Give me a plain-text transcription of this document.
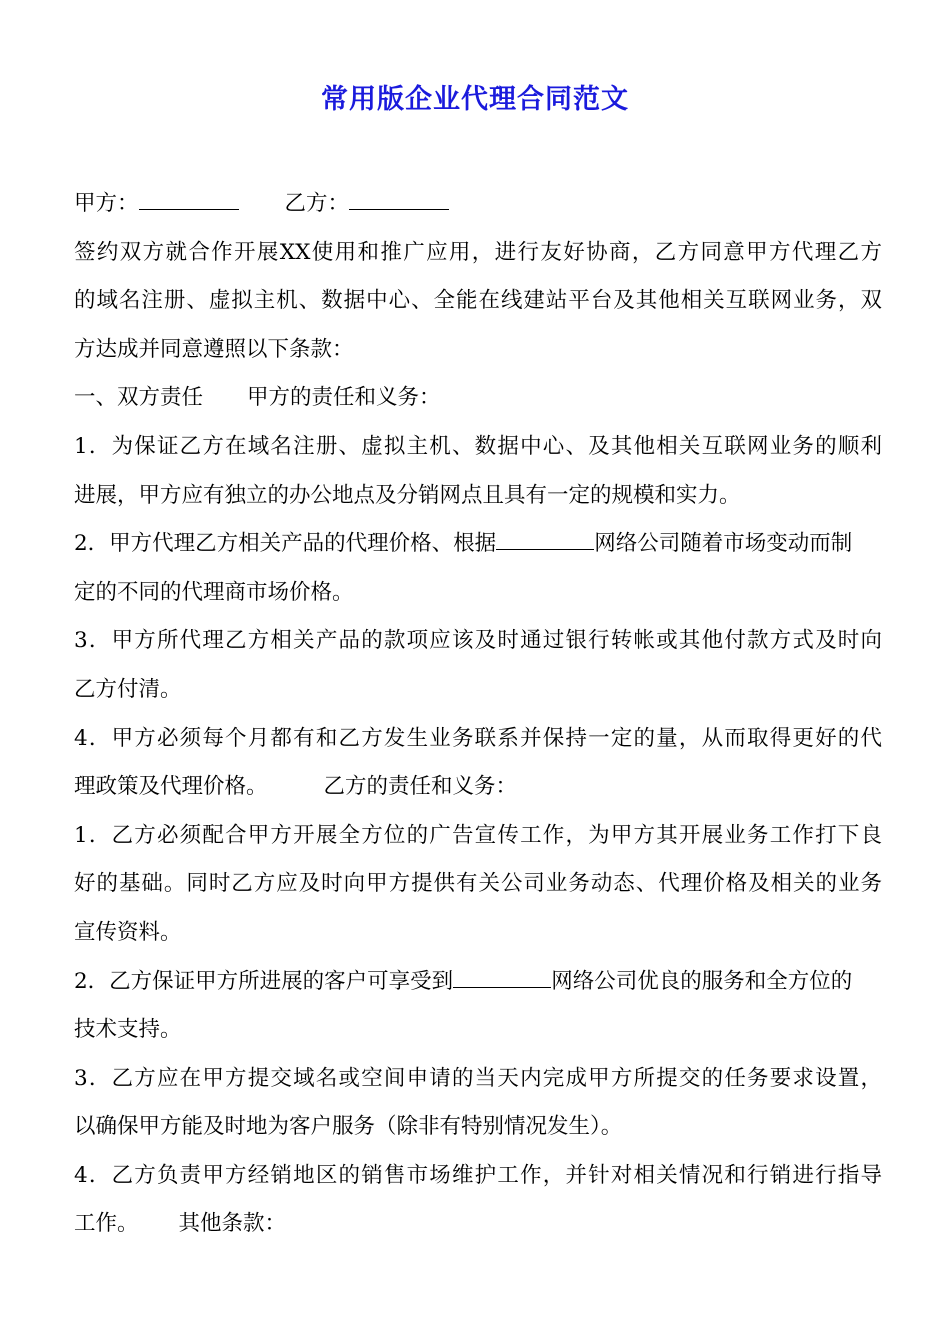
常用版企业代理合同范文
甲方：	乙方：
签约双方就合作开展XX使用和推广应用，进行友好协商，乙方同意甲方代理乙方
的域名注册、虚拟主机、数据中心、全能在线建站平台及其他相关互联网业务，双
方达成并同意遵照以下条款：
一、双方责任 甲方的责任和义务：
1．为保证乙方在域名注册、虚拟主机、数据中心、及其他相关互联网业务的顺利
进展，甲方应有独立的办公地点及分销网点且具有一定的规模和实力。
2．甲方代理乙方相关产品的代理价格、根据	网络公司随着市场变动而制
定的不同的代理商市场价格。
3．甲方所代理乙方相关产品的款项应该及时通过银行转帐或其他付款方式及时向
乙方付清。
4．甲方必须每个月都有和乙方发生业务联系并保持一定的量，从而取得更好的代
理政策及代理价格。	乙方的责任和义务：
1．乙方必须配合甲方开展全方位的广告宣传工作，为甲方其开展业务工作打下良
好的基础。同时乙方应及时向甲方提供有关公司业务动态、代理价格及相关的业务
宣传资料。
2．乙方保证甲方所进展的客户可享受到	网络公司优良的服务和全方位的
技术支持。
3．乙方应在甲方提交域名或空间申请的当天内完成甲方所提交的任务要求设置，
以确保甲方能及时地为客户服务（除非有特别情况发生）。
4．乙方负责甲方经销地区的销售市场维护工作，并针对相关情况和行销进行指导
工作。 其他条款：
